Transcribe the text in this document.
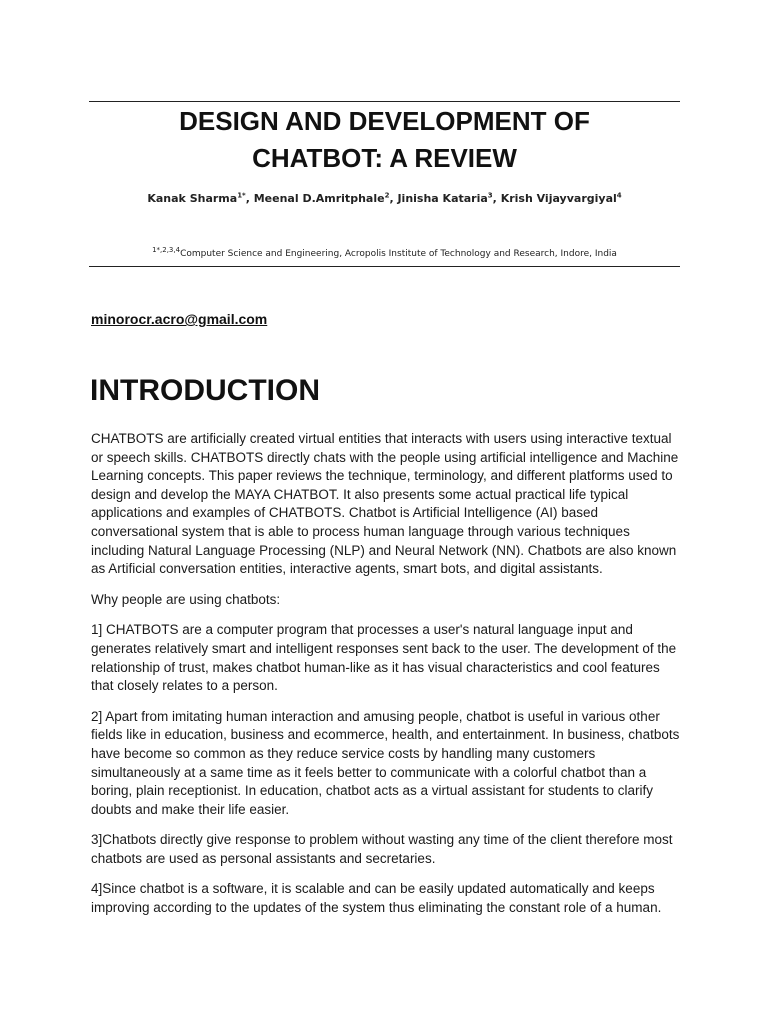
DESIGN AND DEVELOPMENT OF
CHATBOT: A REVIEW
Kanak Sharma$^{1*}$, Meenal D.Amritphale$^2$, Jinisha Kataria$^3$, Krish Vijayvargiyal$^4$
$^{1*,2,3,4}$Computer Science and Engineering, Acropolis Institute of Technology and Research, Indore, India
minorocr.acro@gmail.com
INTRODUCTION

CHATBOTS are artificially created virtual entities that interacts with users using interactive textual or speech skills. CHATBOTS directly chats with the people using artificial intelligence and Machine Learning concepts. This paper reviews the technique, terminology, and different platforms used to design and develop the MAYA CHATBOT. It also presents some actual practical life typical applications and examples of CHATBOTS. Chatbot is Artificial Intelligence (AI) based conversational system that is able to process human language through various techniques including Natural Language Processing (NLP) and Neural Network (NN). Chatbots are also known as Artificial conversation entities, interactive agents, smart bots, and digital assistants.

Why people are using chatbots:

1] CHATBOTS are a computer program that processes a user's natural language input and generates relatively smart and intelligent responses sent back to the user. The development of the relationship of trust, makes chatbot human-like as it has visual characteristics and cool features that closely relates to a person.

2] Apart from imitating human interaction and amusing people, chatbot is useful in various other fields like in education, business and ecommerce, health, and entertainment. In business, chatbots have become so common as they reduce service costs by handling many customers simultaneously at a same time as it feels better to communicate with a colorful chatbot than a boring, plain receptionist. In education, chatbot acts as a virtual assistant for students to clarify doubts and make their life easier.

3]Chatbots directly give response to problem without wasting any time of the client therefore most chatbots are used as personal assistants and secretaries.

4]Since chatbot is a software, it is scalable and can be easily updated automatically and keeps improving according to the updates of the system thus eliminating the constant role of a human.
